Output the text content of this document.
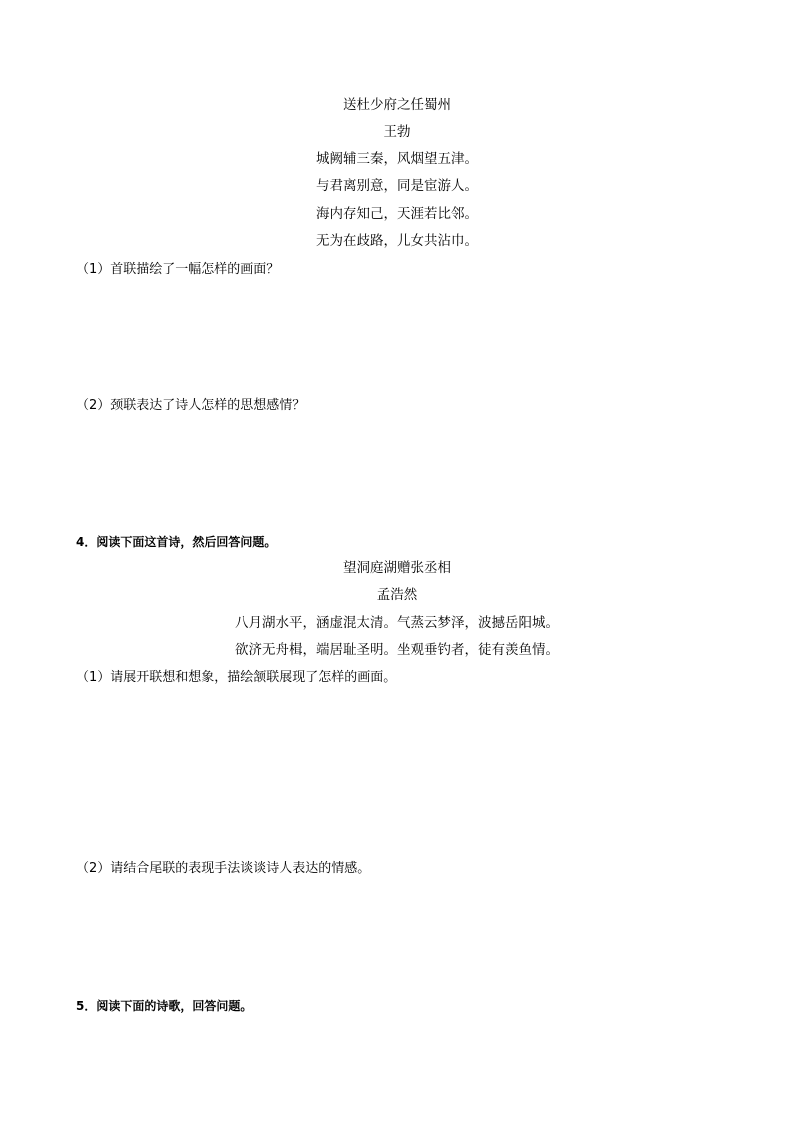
送杜少府之任蜀州
王勃
城阙辅三秦，风烟望五津。
与君离别意，同是宦游人。
海内存知己，天涯若比邻。
无为在歧路，儿女共沾巾。
（1）首联描绘了一幅怎样的画面？
（2）颈联表达了诗人怎样的思想感情？
4．阅读下面这首诗，然后回答问题。
望洞庭湖赠张丞相
孟浩然
八月湖水平，涵虚混太清。气蒸云梦泽，波撼岳阳城。
欲济无舟楫，端居耻圣明。坐观垂钓者，徒有羡鱼情。
（1）请展开联想和想象，描绘颔联展现了怎样的画面。
（2）请结合尾联的表现手法谈谈诗人表达的情感。
5．阅读下面的诗歌，回答问题。
